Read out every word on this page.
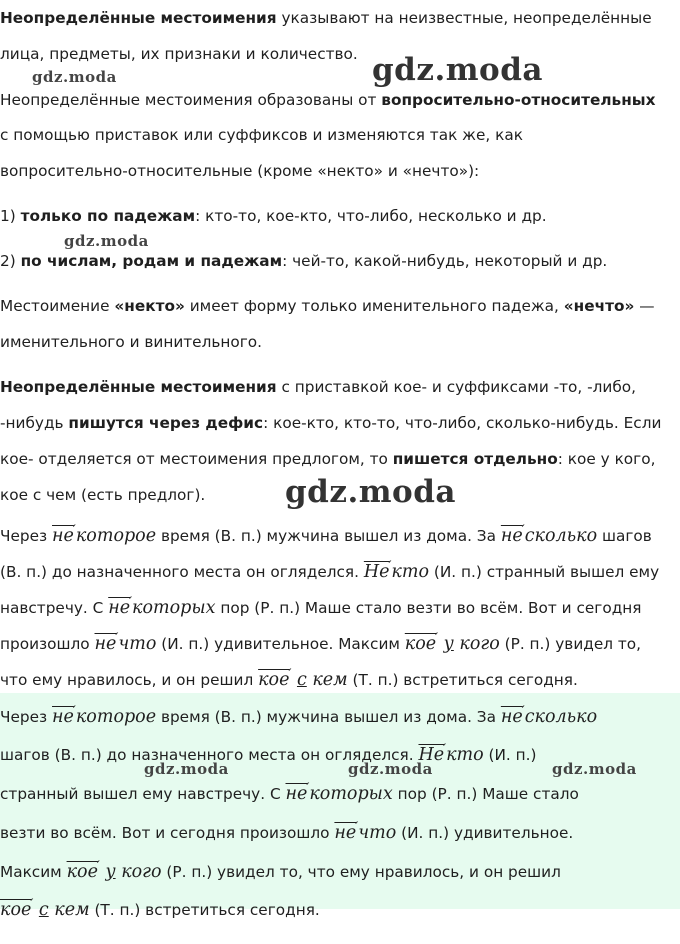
Неопределённые местоимения указывают на неизвестные, неопределённые

лица, предметы, их признаки и количество.

Неопределённые местоимения образованы от вопросительно-относительных

с помощью приставок или суффиксов и изменяются так же, как

вопросительно-относительные (кроме «некто» и «нечто»):

1) только по падежам: кто-то, кое-кто, что-либо, несколько и др.

2) по числам, родам и падежам: чей-то, какой-нибудь, некоторый и др.

Местоимение «некто» имеет форму только именительного падежа, «нечто» —

именительного и винительного.

Неопределённые местоимения с приставкой кое- и суффиксами -то, -либо,

-нибудь пишутся через дефис: кое-кто, кто-то, что-либо, сколько-нибудь. Если

кое- отделяется от местоимения предлогом, то пишется отдельно: кое у кого,

кое с чем (есть предлог).

Через не′которое время (В. п.) мужчина вышел из дома. За не′сколько шагов

(В. п.) до назначенного места он огляделся. Не′кто (И. п.) странный вышел ему

навстречу. С не′которых пор (Р. п.) Маше стало везти во всём. Вот и сегодня

произошло не′что (И. п.) удивительное. Максим кое′ у кого (Р. п.) увидел то,

что ему нравилось, и он решил кое′ с кем (Т. п.) встретиться сегодня.

Через не′которое время (В. п.) мужчина вышел из дома. За не′сколько

шагов (В. п.) до назначенного места он огляделся. Не′кто (И. п.)

странный вышел ему навстречу. С не′которых пор (Р. п.) Маше стало

везти во всём. Вот и сегодня произошло не′что (И. п.) удивительное.

Максим кое′ у кого (Р. п.) увидел то, что ему нравилось, и он решил

кое′ с кем (Т. п.) встретиться сегодня.

gdz.moda	gdz.moda
gdz.moda
gdz.moda
gdz.moda	gdz.moda	gdz.moda
